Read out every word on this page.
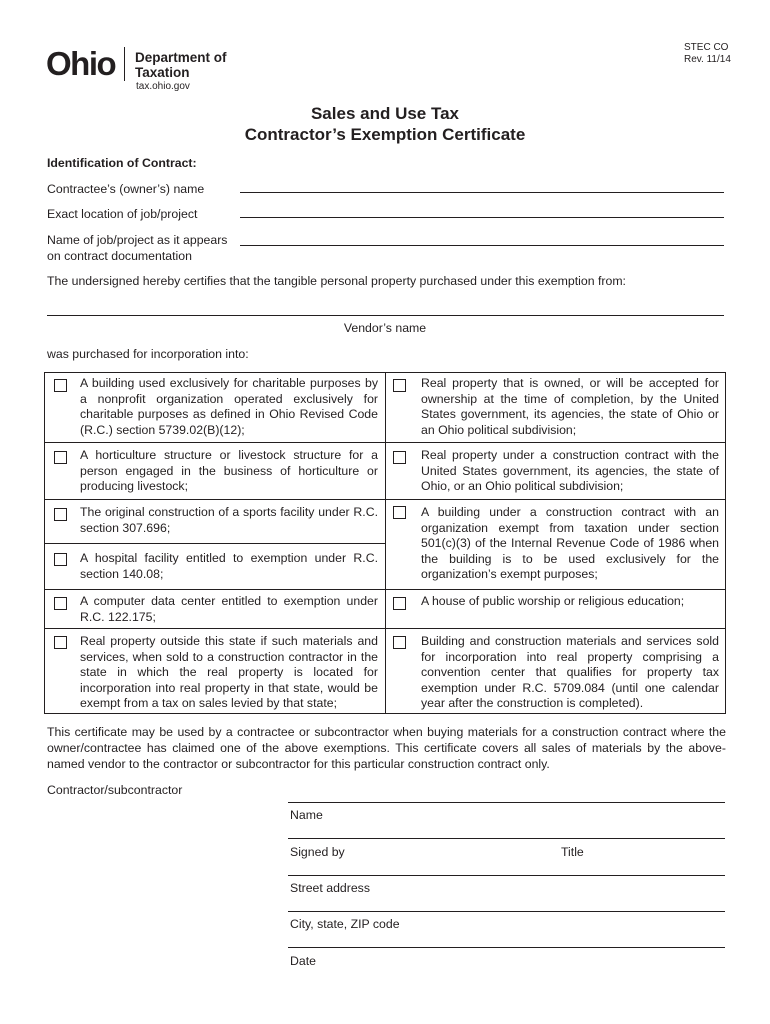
Ohio Department of
Taxation
tax.ohio.gov
STEC CO
Rev. 11/14
Sales and Use Tax
Contractor’s Exemption Certificate
Identification of Contract:
Contractee’s (owner’s) name
Exact location of job/project
Name of job/project as it appears
on contract documentation
The undersigned hereby certifies that the tangible personal property purchased under this exemption from:
Vendor’s name
was purchased for incorporation into:
A building used exclusively for charitable purposes by a nonprofit organization operated exclusively for charitable purposes as defined in Ohio Revised Code (R.C.) section 5739.02(B)(12);
A horticulture structure or livestock structure for a person engaged in the business of horticulture or producing livestock;
The original construction of a sports facility under R.C. section 307.696;
A hospital facility entitled to exemption under R.C. section 140.08;
A computer data center entitled to exemption under R.C. 122.175;
Real property outside this state if such materials and services, when sold to a construction contractor in the state in which the real property is located for incorporation into real property in that state, would be exempt from a tax on sales levied by that state;
Real property that is owned, or will be accepted for ownership at the time of completion, by the United States government, its agencies, the state of Ohio or an Ohio political subdivision;
Real property under a construction contract with the United States government, its agencies, the state of Ohio, or an Ohio political subdivision;
A building under a construction contract with an organization exempt from taxation under section 501(c)(3) of the Internal Revenue Code of 1986 when the building is to be used exclusively for the organization’s exempt purposes;
A house of public worship or religious education;
Building and construction materials and services sold for incorporation into real property comprising a convention center that qualifies for property tax exemption under R.C. 5709.084 (until one calendar year after the construction is completed).
This certificate may be used by a contractee or subcontractor when buying materials for a construction contract where the owner/contractee has claimed one of the above exemptions. This certificate covers all sales of materials by the above-named vendor to the contractor or subcontractor for this particular construction contract only.
Contractor/subcontractor
Name
Signed by	Title
Street address
City, state, ZIP code
Date
